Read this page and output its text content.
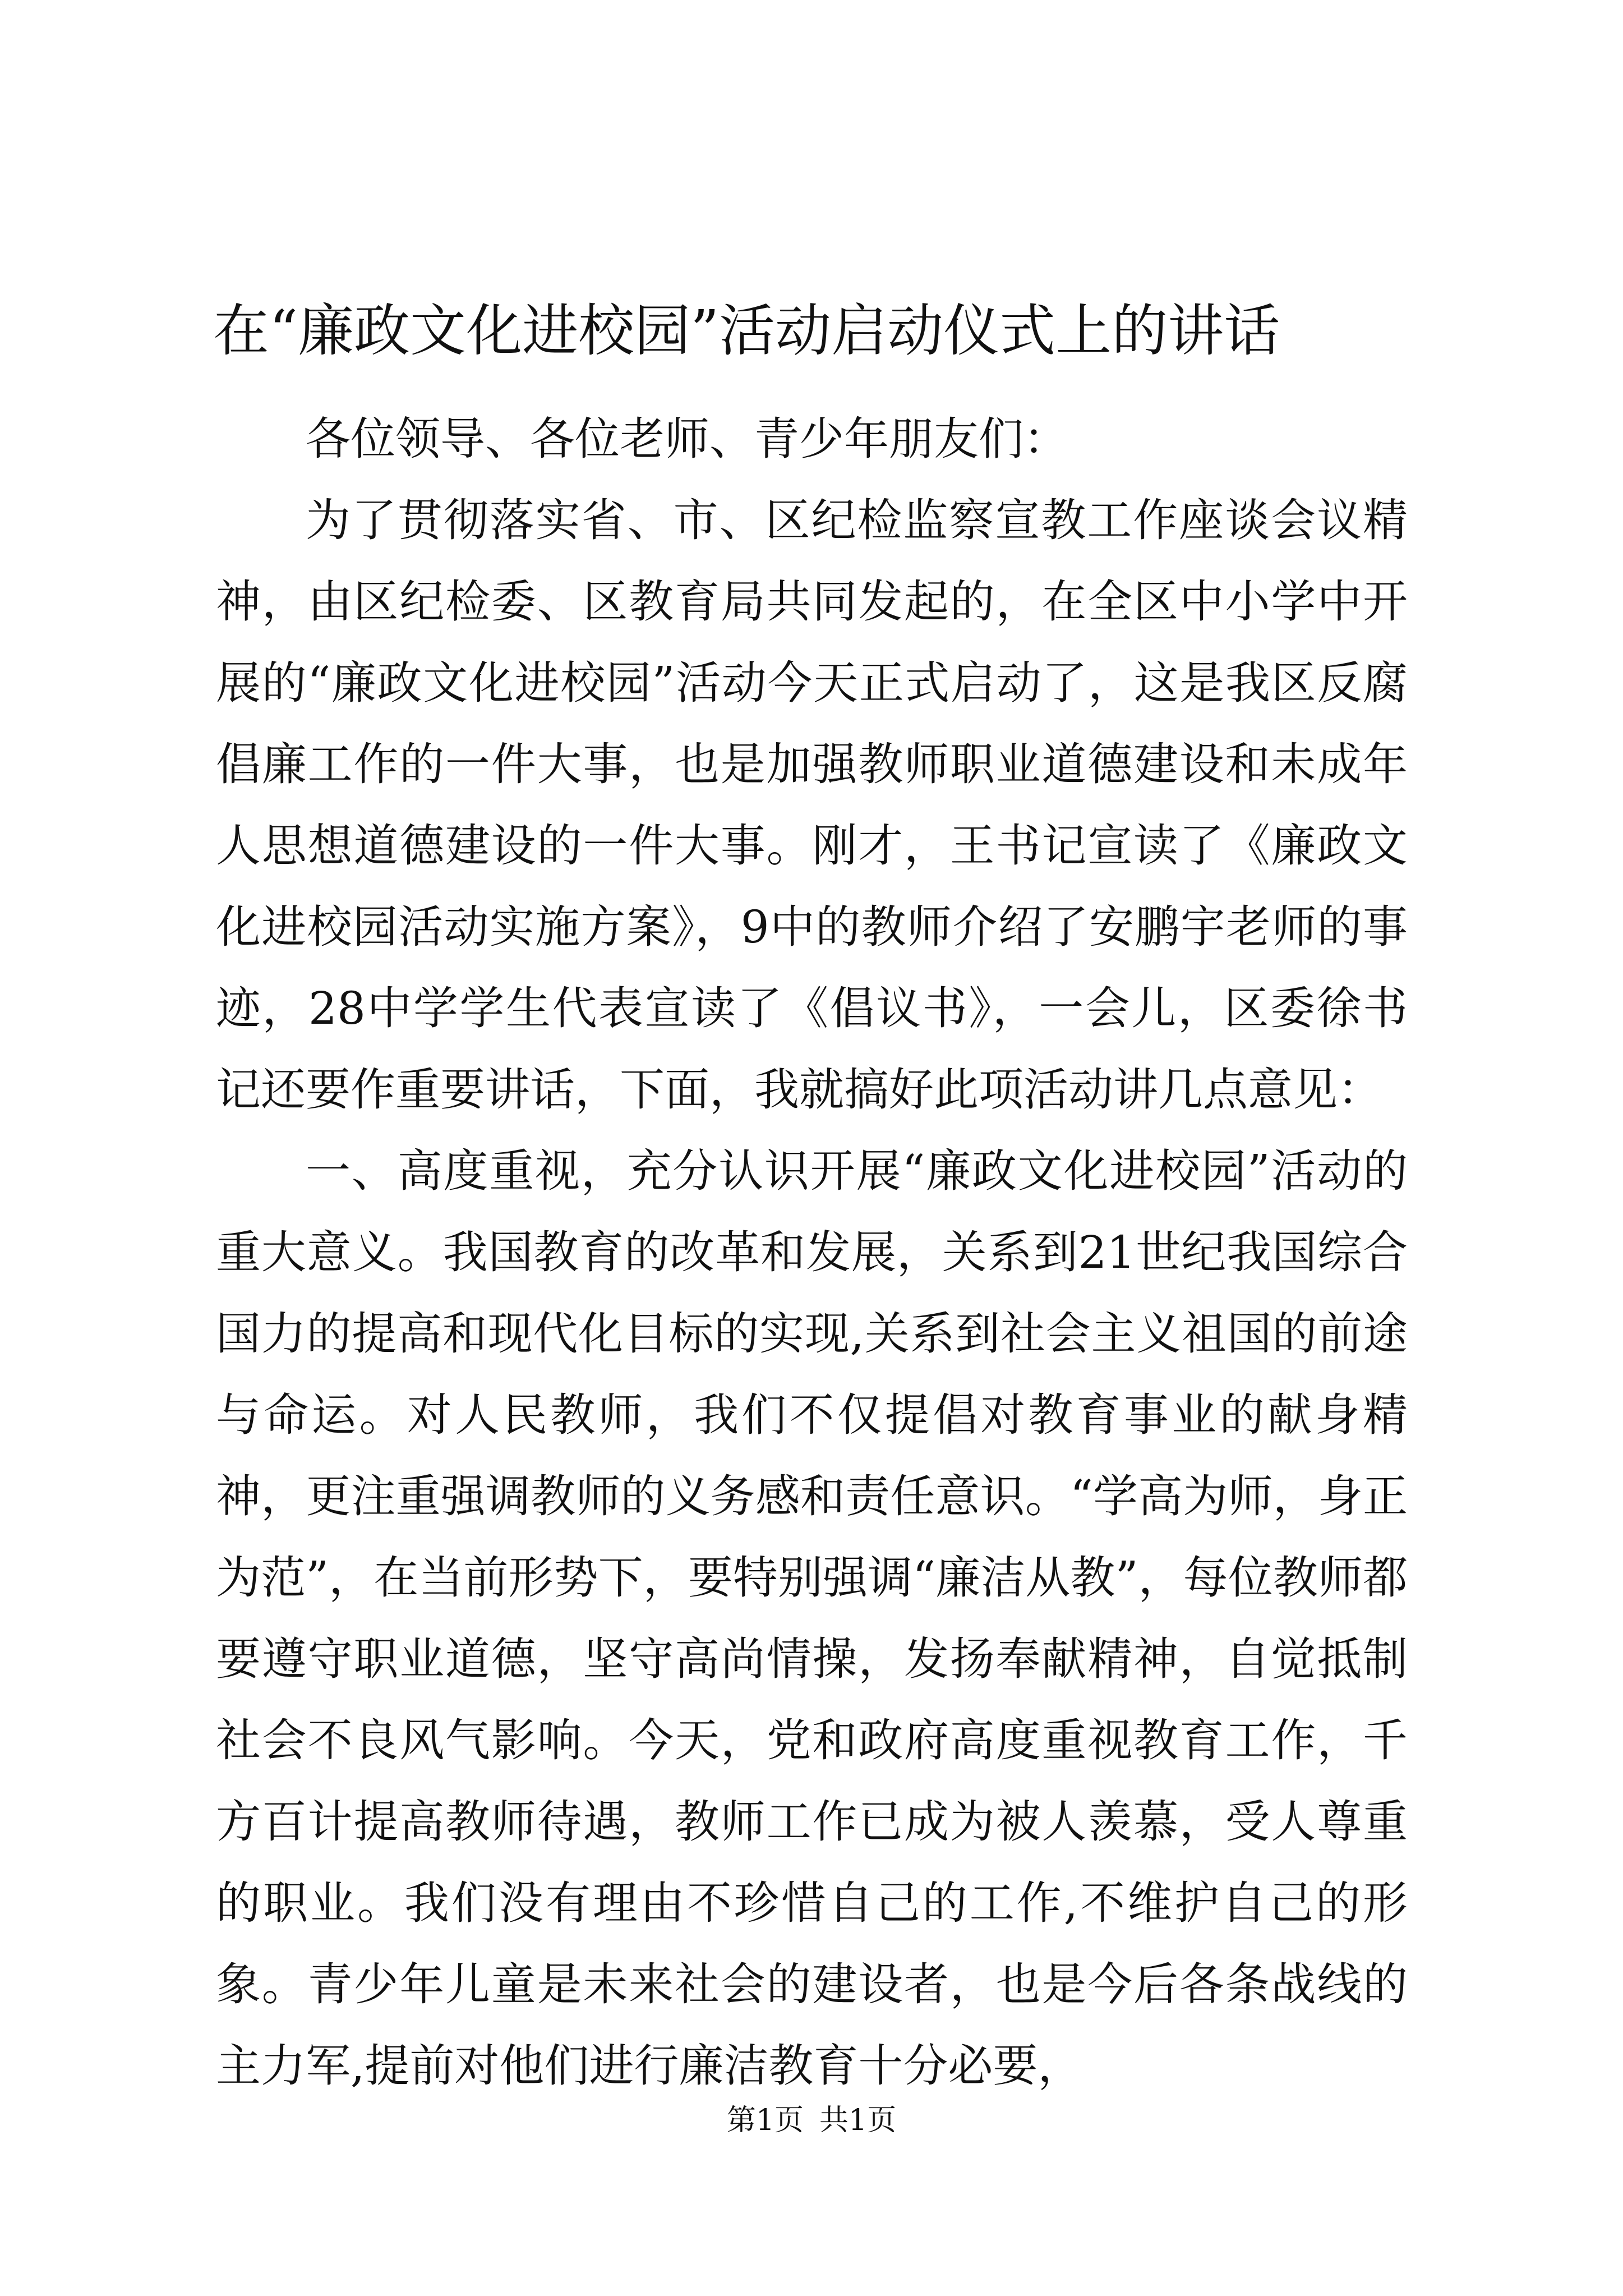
在“廉政文化进校园”活动启动仪式上的讲话

各位领导、各位老师、青少年朋友们：

为了贯彻落实省、市、区纪检监察宣教工作座谈会议精神，由区纪检委、区教育局共同发起的，在全区中小学中开展的“廉政文化进校园”活动今天正式启动了，这是我区反腐倡廉工作的一件大事，也是加强教师职业道德建设和未成年人思想道德建设的一件大事。刚才，王书记宣读了《廉政文化进校园活动实施方案》，9中的教师介绍了安鹏宇老师的事迹，28中学学生代表宣读了《倡议书》，一会儿，区委徐书记还要作重要讲话，下面，我就搞好此项活动讲几点意见：

一、高度重视，充分认识开展“廉政文化进校园”活动的重大意义。我国教育的改革和发展，关系到21世纪我国综合国力的提高和现代化目标的实现,关系到社会主义祖国的前途与命运。对人民教师，我们不仅提倡对教育事业的献身精神，更注重强调教师的义务感和责任意识。“学高为师，身正为范”，在当前形势下，要特别强调“廉洁从教”，每位教师都要遵守职业道德，坚守高尚情操，发扬奉献精神，自觉抵制社会不良风气影响。今天，党和政府高度重视教育工作，千方百计提高教师待遇，教师工作已成为被人羡慕，受人尊重的职业。我们没有理由不珍惜自己的工作,不维护自己的形象。青少年儿童是未来社会的建设者，也是今后各条战线的主力军,提前对他们进行廉洁教育十分必要，

第1页 共1页
